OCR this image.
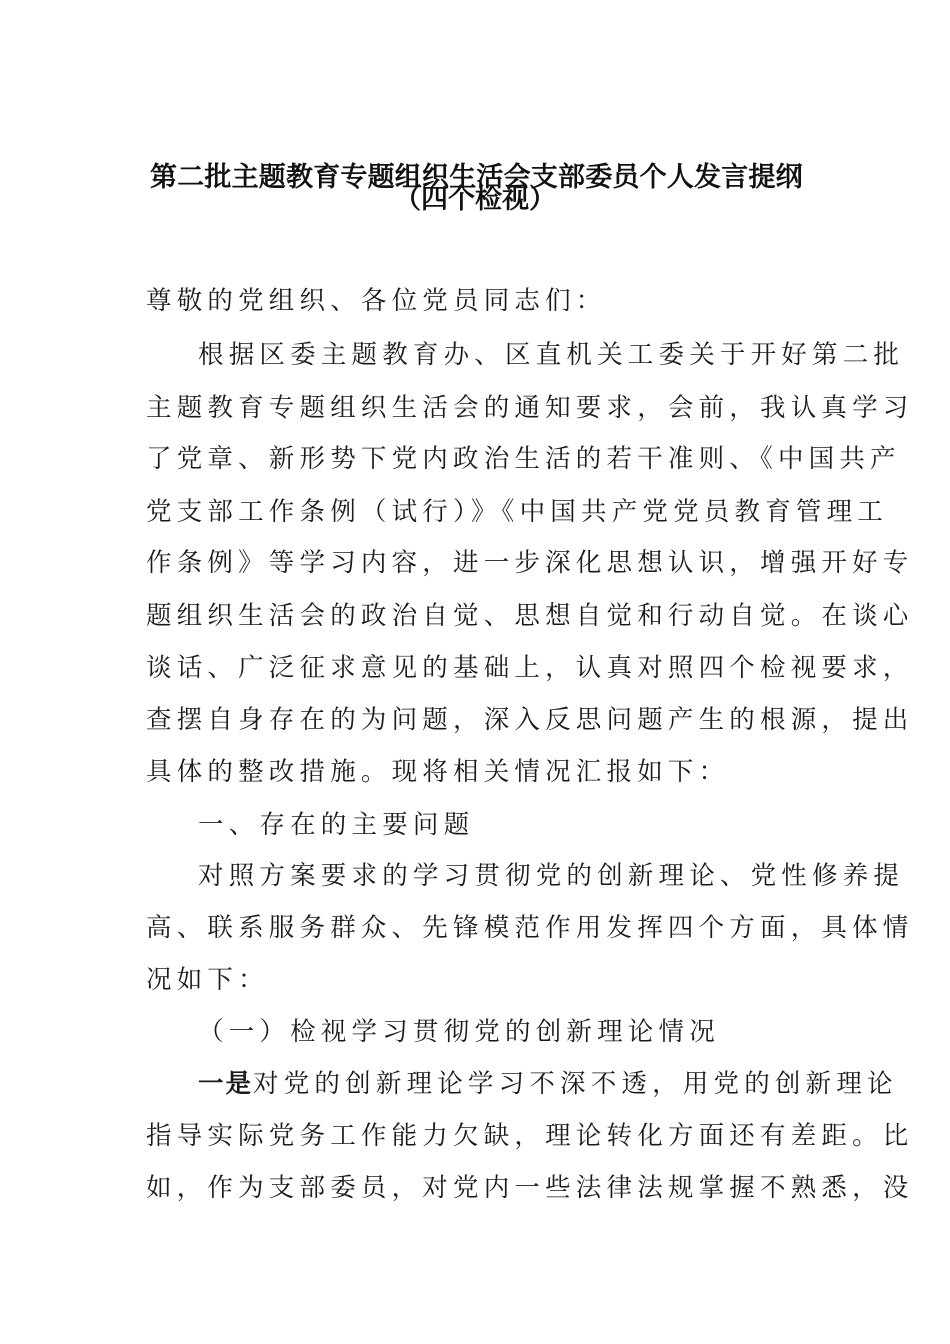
第二批主题教育专题组织生活会支部委员个人发言提纲
（四个检视）
尊敬的党组织、各位党员同志们：
根据区委主题教育办、区直机关工委关于开好第二批
主题教育专题组织生活会的通知要求，会前，我认真学习
了党章、新形势下党内政治生活的若干准则、《中国共产
党支部工作条例（试行）》《中国共产党党员教育管理工
作条例》等学习内容，进一步深化思想认识，增强开好专
题组织生活会的政治自觉、思想自觉和行动自觉。在谈心
谈话、广泛征求意见的基础上，认真对照四个检视要求，
查摆自身存在的为问题，深入反思问题产生的根源，提出
具体的整改措施。现将相关情况汇报如下：
一、存在的主要问题
对照方案要求的学习贯彻党的创新理论、党性修养提
高、联系服务群众、先锋模范作用发挥四个方面，具体情
况如下：
（一）检视学习贯彻党的创新理论情况
一是对党的创新理论学习不深不透，用党的创新理论
指导实际党务工作能力欠缺，理论转化方面还有差距。比
如，作为支部委员，对党内一些法律法规掌握不熟悉，没
